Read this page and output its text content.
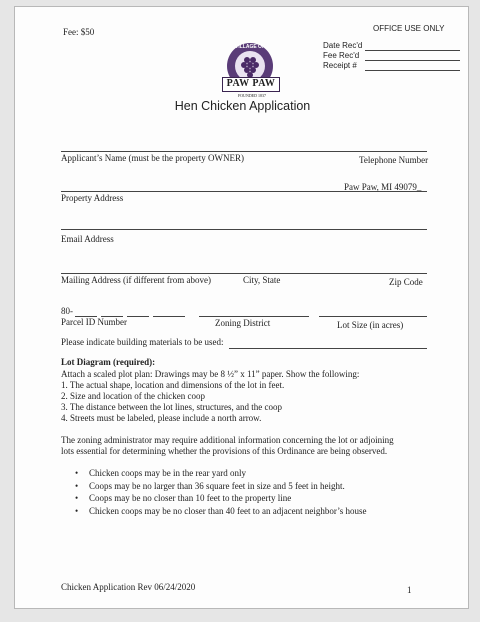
Fee: $50	OFFICE USE ONLY
Date Rec'd
Fee Rec'd
Receipt #
VILLAGE OF
PAW PAW
FOUNDED 1837
Hen Chicken Application
Applicant’s Name (must be the property OWNER)	Telephone Number
Paw Paw, MI 49079_
Property Address
Email Address
Mailing Address (if different from above)	City, State	Zip Code
80-
Parcel ID Number	Zoning District	Lot Size (in acres)
Please indicate building materials to be used:
Lot Diagram (required):
Attach a scaled plot plan: Drawings may be 8 ½” x 11” paper. Show the following:
1. The actual shape, location and dimensions of the lot in feet.
2. Size and location of the chicken coop
3. The distance between the lot lines, structures, and the coop
4. Streets must be labeled, please include a north arrow.
The zoning administrator may require additional information concerning the lot or adjoining lots essential for determining whether the provisions of this Ordinance are being observed.
• Chicken coops may be in the rear yard only
• Coops may be no larger than 36 square feet in size and 5 feet in height.
• Coops may be no closer than 10 feet to the property line
• Chicken coops may be no closer than 40 feet to an adjacent neighbor’s house
Chicken Application Rev 06/24/2020	1
